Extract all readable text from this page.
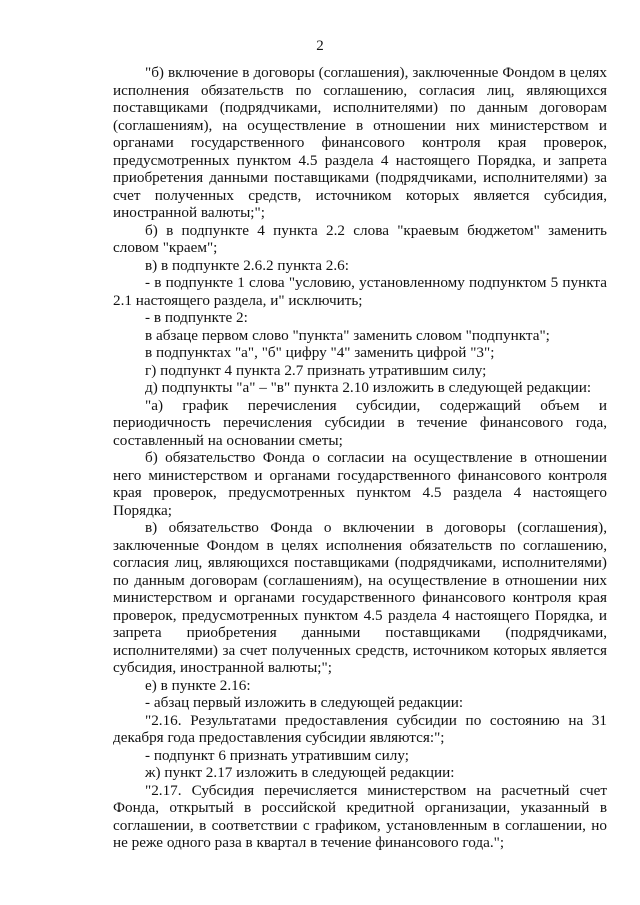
2

"б) включение в договоры (соглашения), заключенные Фондом в целях исполнения обязательств по соглашению, согласия лиц, являющихся поставщиками (подрядчиками, исполнителями) по данным договорам (соглашениям), на осуществление в отношении них министерством и органами государственного финансового контроля края проверок, предусмотренных пунктом 4.5 раздела 4 настоящего Порядка, и запрета приобретения данными поставщиками (подрядчиками, исполнителями) за счет полученных средств, источником которых является субсидия, иностранной валюты;";

б) в подпункте 4 пункта 2.2 слова "краевым бюджетом" заменить словом "краем";

в) в подпункте 2.6.2 пункта 2.6:

- в подпункте 1 слова "условию, установленному подпунктом 5 пункта 2.1 настоящего раздела, и" исключить;

- в подпункте 2:

в абзаце первом слово "пункта" заменить словом "подпункта";

в подпунктах "а", "б" цифру "4" заменить цифрой "3";

г) подпункт 4 пункта 2.7 признать утратившим силу;

д) подпункты "а" – "в" пункта 2.10 изложить в следующей редакции:

"а) график перечисления субсидии, содержащий объем и периодичность перечисления субсидии в течение финансового года, составленный на основании сметы;

б) обязательство Фонда о согласии на осуществление в отношении него министерством и органами государственного финансового контроля края проверок, предусмотренных пунктом 4.5 раздела 4 настоящего Порядка;

в) обязательство Фонда о включении в договоры (соглашения), заключенные Фондом в целях исполнения обязательств по соглашению, согласия лиц, являющихся поставщиками (подрядчиками, исполнителями) по данным договорам (соглашениям), на осуществление в отношении них министерством и органами государственного финансового контроля края проверок, предусмотренных пунктом 4.5 раздела 4 настоящего Порядка, и запрета приобретения данными поставщиками (подрядчиками, исполнителями) за счет полученных средств, источником которых является субсидия, иностранной валюты;";

е) в пункте 2.16:

- абзац первый изложить в следующей редакции:

"2.16. Результатами предоставления субсидии по состоянию на 31 декабря года предоставления субсидии являются:";

- подпункт 6 признать утратившим силу;

ж) пункт 2.17 изложить в следующей редакции:

"2.17. Субсидия перечисляется министерством на расчетный счет Фонда, открытый в российской кредитной организации, указанный в соглашении, в соответствии с графиком, установленным в соглашении, но не реже одного раза в квартал в течение финансового года.";
